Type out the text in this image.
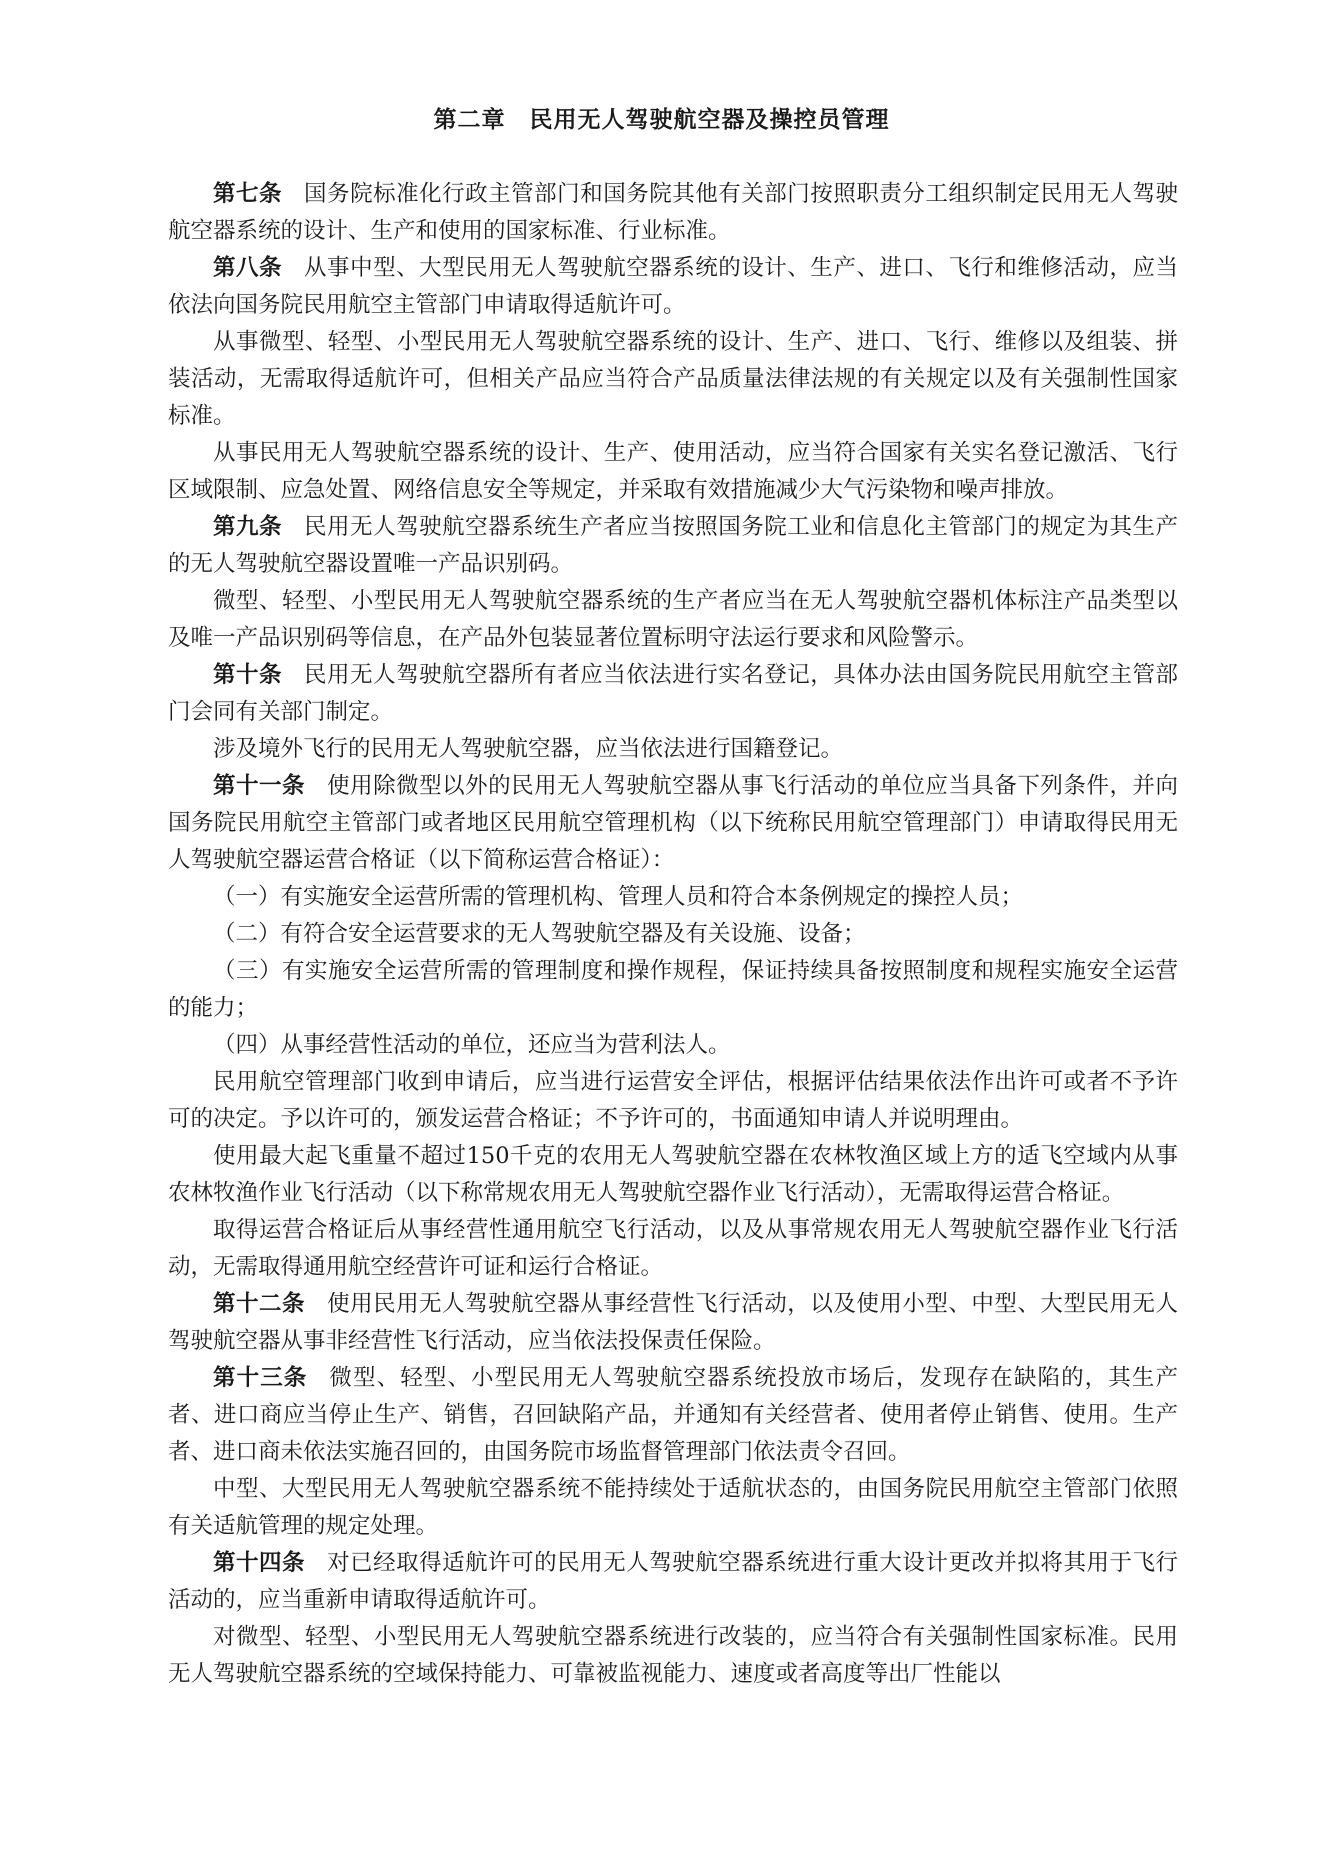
第二章　民用无人驾驶航空器及操控员管理

第七条 国务院标准化行政主管部门和国务院其他有关部门按照职责分工组织制定民用无人驾驶航空器系统的设计、生产和使用的国家标准、行业标准。

第八条 从事中型、大型民用无人驾驶航空器系统的设计、生产、进口、飞行和维修活动，应当依法向国务院民用航空主管部门申请取得适航许可。

从事微型、轻型、小型民用无人驾驶航空器系统的设计、生产、进口、飞行、维修以及组装、拼装活动，无需取得适航许可，但相关产品应当符合产品质量法律法规的有关规定以及有关强制性国家标准。

从事民用无人驾驶航空器系统的设计、生产、使用活动，应当符合国家有关实名登记激活、飞行区域限制、应急处置、网络信息安全等规定，并采取有效措施减少大气污染物和噪声排放。

第九条 民用无人驾驶航空器系统生产者应当按照国务院工业和信息化主管部门的规定为其生产的无人驾驶航空器设置唯一产品识别码。

微型、轻型、小型民用无人驾驶航空器系统的生产者应当在无人驾驶航空器机体标注产品类型以及唯一产品识别码等信息，在产品外包装显著位置标明守法运行要求和风险警示。

第十条 民用无人驾驶航空器所有者应当依法进行实名登记，具体办法由国务院民用航空主管部门会同有关部门制定。

涉及境外飞行的民用无人驾驶航空器，应当依法进行国籍登记。

第十一条 使用除微型以外的民用无人驾驶航空器从事飞行活动的单位应当具备下列条件，并向国务院民用航空主管部门或者地区民用航空管理机构（以下统称民用航空管理部门）申请取得民用无人驾驶航空器运营合格证（以下简称运营合格证）：

（一）有实施安全运营所需的管理机构、管理人员和符合本条例规定的操控人员；

（二）有符合安全运营要求的无人驾驶航空器及有关设施、设备；

（三）有实施安全运营所需的管理制度和操作规程，保证持续具备按照制度和规程实施安全运营的能力；

（四）从事经营性活动的单位，还应当为营利法人。

民用航空管理部门收到申请后，应当进行运营安全评估，根据评估结果依法作出许可或者不予许可的决定。予以许可的，颁发运营合格证；不予许可的，书面通知申请人并说明理由。

使用最大起飞重量不超过150千克的农用无人驾驶航空器在农林牧渔区域上方的适飞空域内从事农林牧渔作业飞行活动（以下称常规农用无人驾驶航空器作业飞行活动），无需取得运营合格证。

取得运营合格证后从事经营性通用航空飞行活动，以及从事常规农用无人驾驶航空器作业飞行活动，无需取得通用航空经营许可证和运行合格证。

第十二条 使用民用无人驾驶航空器从事经营性飞行活动，以及使用小型、中型、大型民用无人驾驶航空器从事非经营性飞行活动，应当依法投保责任保险。

第十三条 微型、轻型、小型民用无人驾驶航空器系统投放市场后，发现存在缺陷的，其生产者、进口商应当停止生产、销售，召回缺陷产品，并通知有关经营者、使用者停止销售、使用。生产者、进口商未依法实施召回的，由国务院市场监督管理部门依法责令召回。

中型、大型民用无人驾驶航空器系统不能持续处于适航状态的，由国务院民用航空主管部门依照有关适航管理的规定处理。

第十四条 对已经取得适航许可的民用无人驾驶航空器系统进行重大设计更改并拟将其用于飞行活动的，应当重新申请取得适航许可。

对微型、轻型、小型民用无人驾驶航空器系统进行改装的，应当符合有关强制性国家标准。民用无人驾驶航空器系统的空域保持能力、可靠被监视能力、速度或者高度等出厂性能以
